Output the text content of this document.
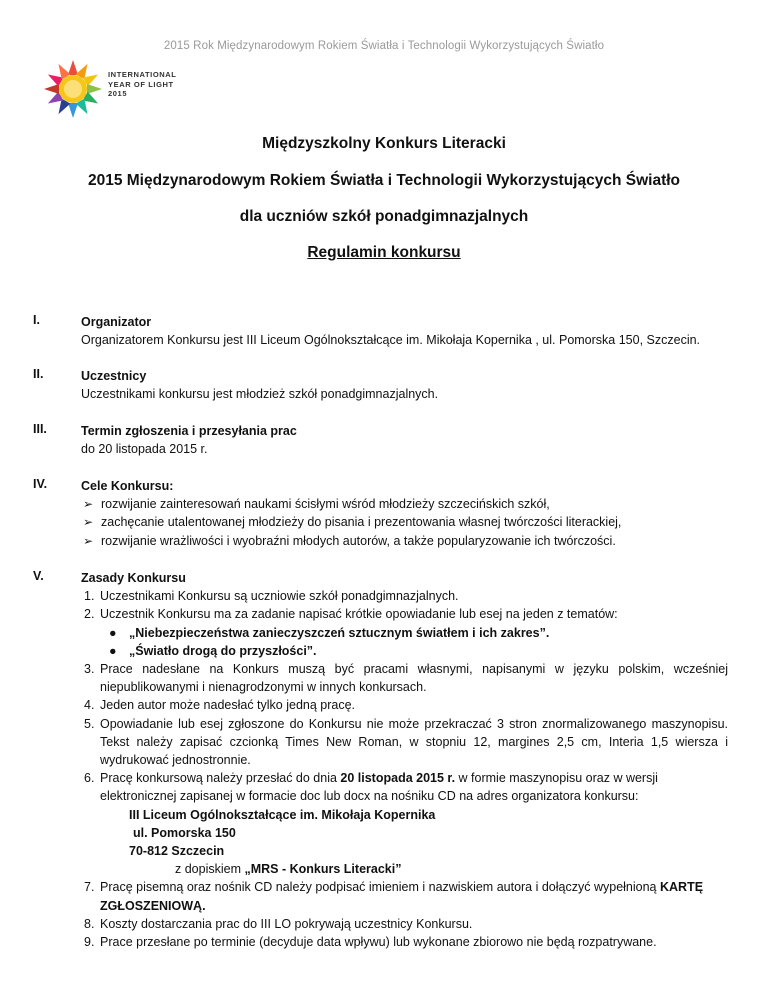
2015 Rok Międzynarodowym Rokiem Światła i Technologii Wykorzystujących Światło
INTERNATIONAL
YEAR OF LIGHT
2015
Międzyszkolny Konkurs Literacki
2015 Międzynarodowym Rokiem Światła i Technologii Wykorzystujących Światło
dla uczniów szkół ponadgimnazjalnych
Regulamin konkursu
I.	Organizator
Organizatorem Konkursu jest III Liceum Ogólnokształcące im. Mikołaja Kopernika , ul. Pomorska 150, Szczecin.
II.	Uczestnicy
Uczestnikami konkursu jest młodzież szkół ponadgimnazjalnych.
III.	Termin zgłoszenia i przesyłania prac
do 20 listopada 2015 r.
IV.	Cele Konkursu:
➢ rozwijanie zainteresowań naukami ścisłymi wśród młodzieży szczecińskich szkół,
➢ zachęcanie utalentowanej młodzieży do pisania i prezentowania własnej twórczości literackiej,
➢ rozwijanie wrażliwości i wyobraźni młodych autorów, a także popularyzowanie ich twórczości.
V.	Zasady Konkursu
1. Uczestnikami Konkursu są uczniowie szkół ponadgimnazjalnych.
2. Uczestnik Konkursu ma za zadanie napisać krótkie opowiadanie lub esej na jeden z tematów:
● „Niebezpieczeństwa zanieczyszczeń sztucznym światłem i ich zakres”.
● „Światło drogą do przyszłości”.
3. Prace nadesłane na Konkurs muszą być pracami własnymi, napisanymi w języku polskim, wcześniej niepublikowanymi i nienagrodzonymi w innych konkursach.
4. Jeden autor może nadesłać tylko jedną pracę.
5. Opowiadanie lub esej zgłoszone do Konkursu nie może przekraczać 3 stron znormalizowanego maszynopisu. Tekst należy zapisać czcionką Times New Roman, w stopniu 12, margines 2,5 cm, Interia 1,5 wiersza i wydrukować jednostronnie.
6. Pracę konkursową należy przesłać do dnia 20 listopada 2015 r. w formie maszynopisu oraz w wersji elektronicznej zapisanej w formacie doc lub docx na nośniku CD na adres organizatora konkursu:
III Liceum Ogólnokształcące im. Mikołaja Kopernika
ul. Pomorska 150
70-812 Szczecin
z dopiskiem „MRS - Konkurs Literacki”
7. Pracę pisemną oraz nośnik CD należy podpisać imieniem i nazwiskiem autora i dołączyć wypełnioną KARTĘ ZGŁOSZENIOWĄ.
8. Koszty dostarczania prac do III LO pokrywają uczestnicy Konkursu.
9. Prace przesłane po terminie (decyduje data wpływu) lub wykonane zbiorowo nie będą rozpatrywane.
